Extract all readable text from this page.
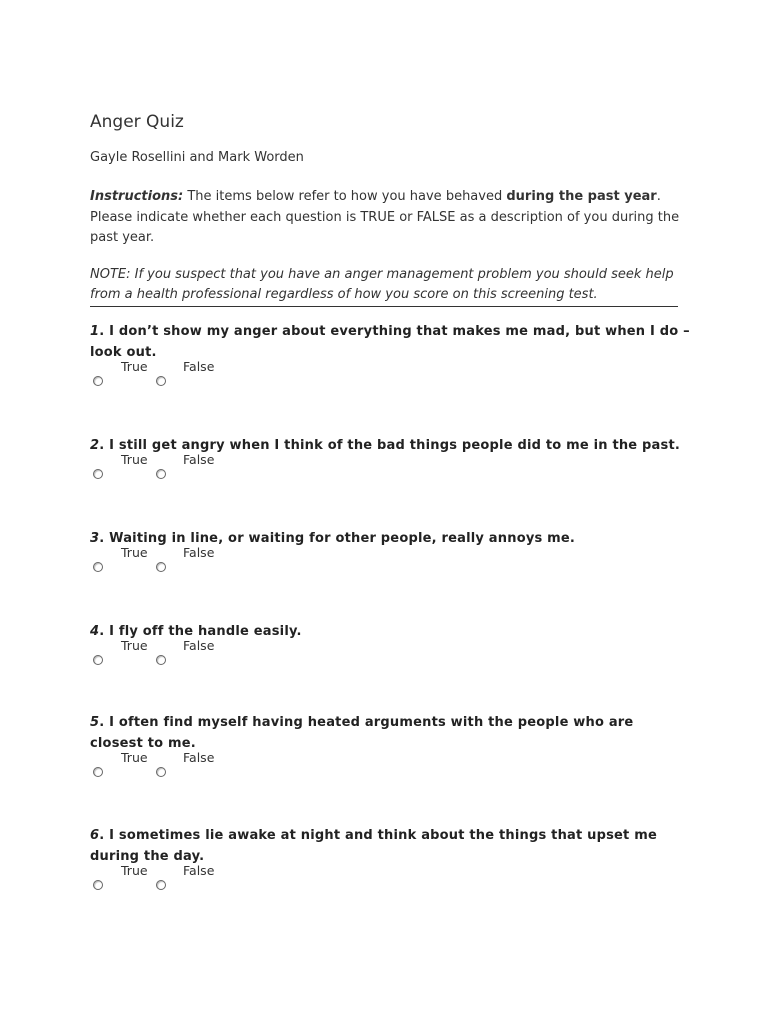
Anger Quiz
Gayle Rosellini and Mark Worden
Instructions: The items below refer to how you have behaved during the past year. Please indicate whether each question is TRUE or FALSE as a description of you during the past year.
NOTE: If you suspect that you have an anger management problem you should seek help from a health professional regardless of how you score on this screening test.
1. I don’t show my anger about everything that makes me mad, but when I do – look out.
True	False
2. I still get angry when I think of the bad things people did to me in the past.
True	False
3. Waiting in line, or waiting for other people, really annoys me.
True	False
4. I fly off the handle easily.
True	False
5. I often find myself having heated arguments with the people who are closest to me.
True	False
6. I sometimes lie awake at night and think about the things that upset me during the day.
True	False
